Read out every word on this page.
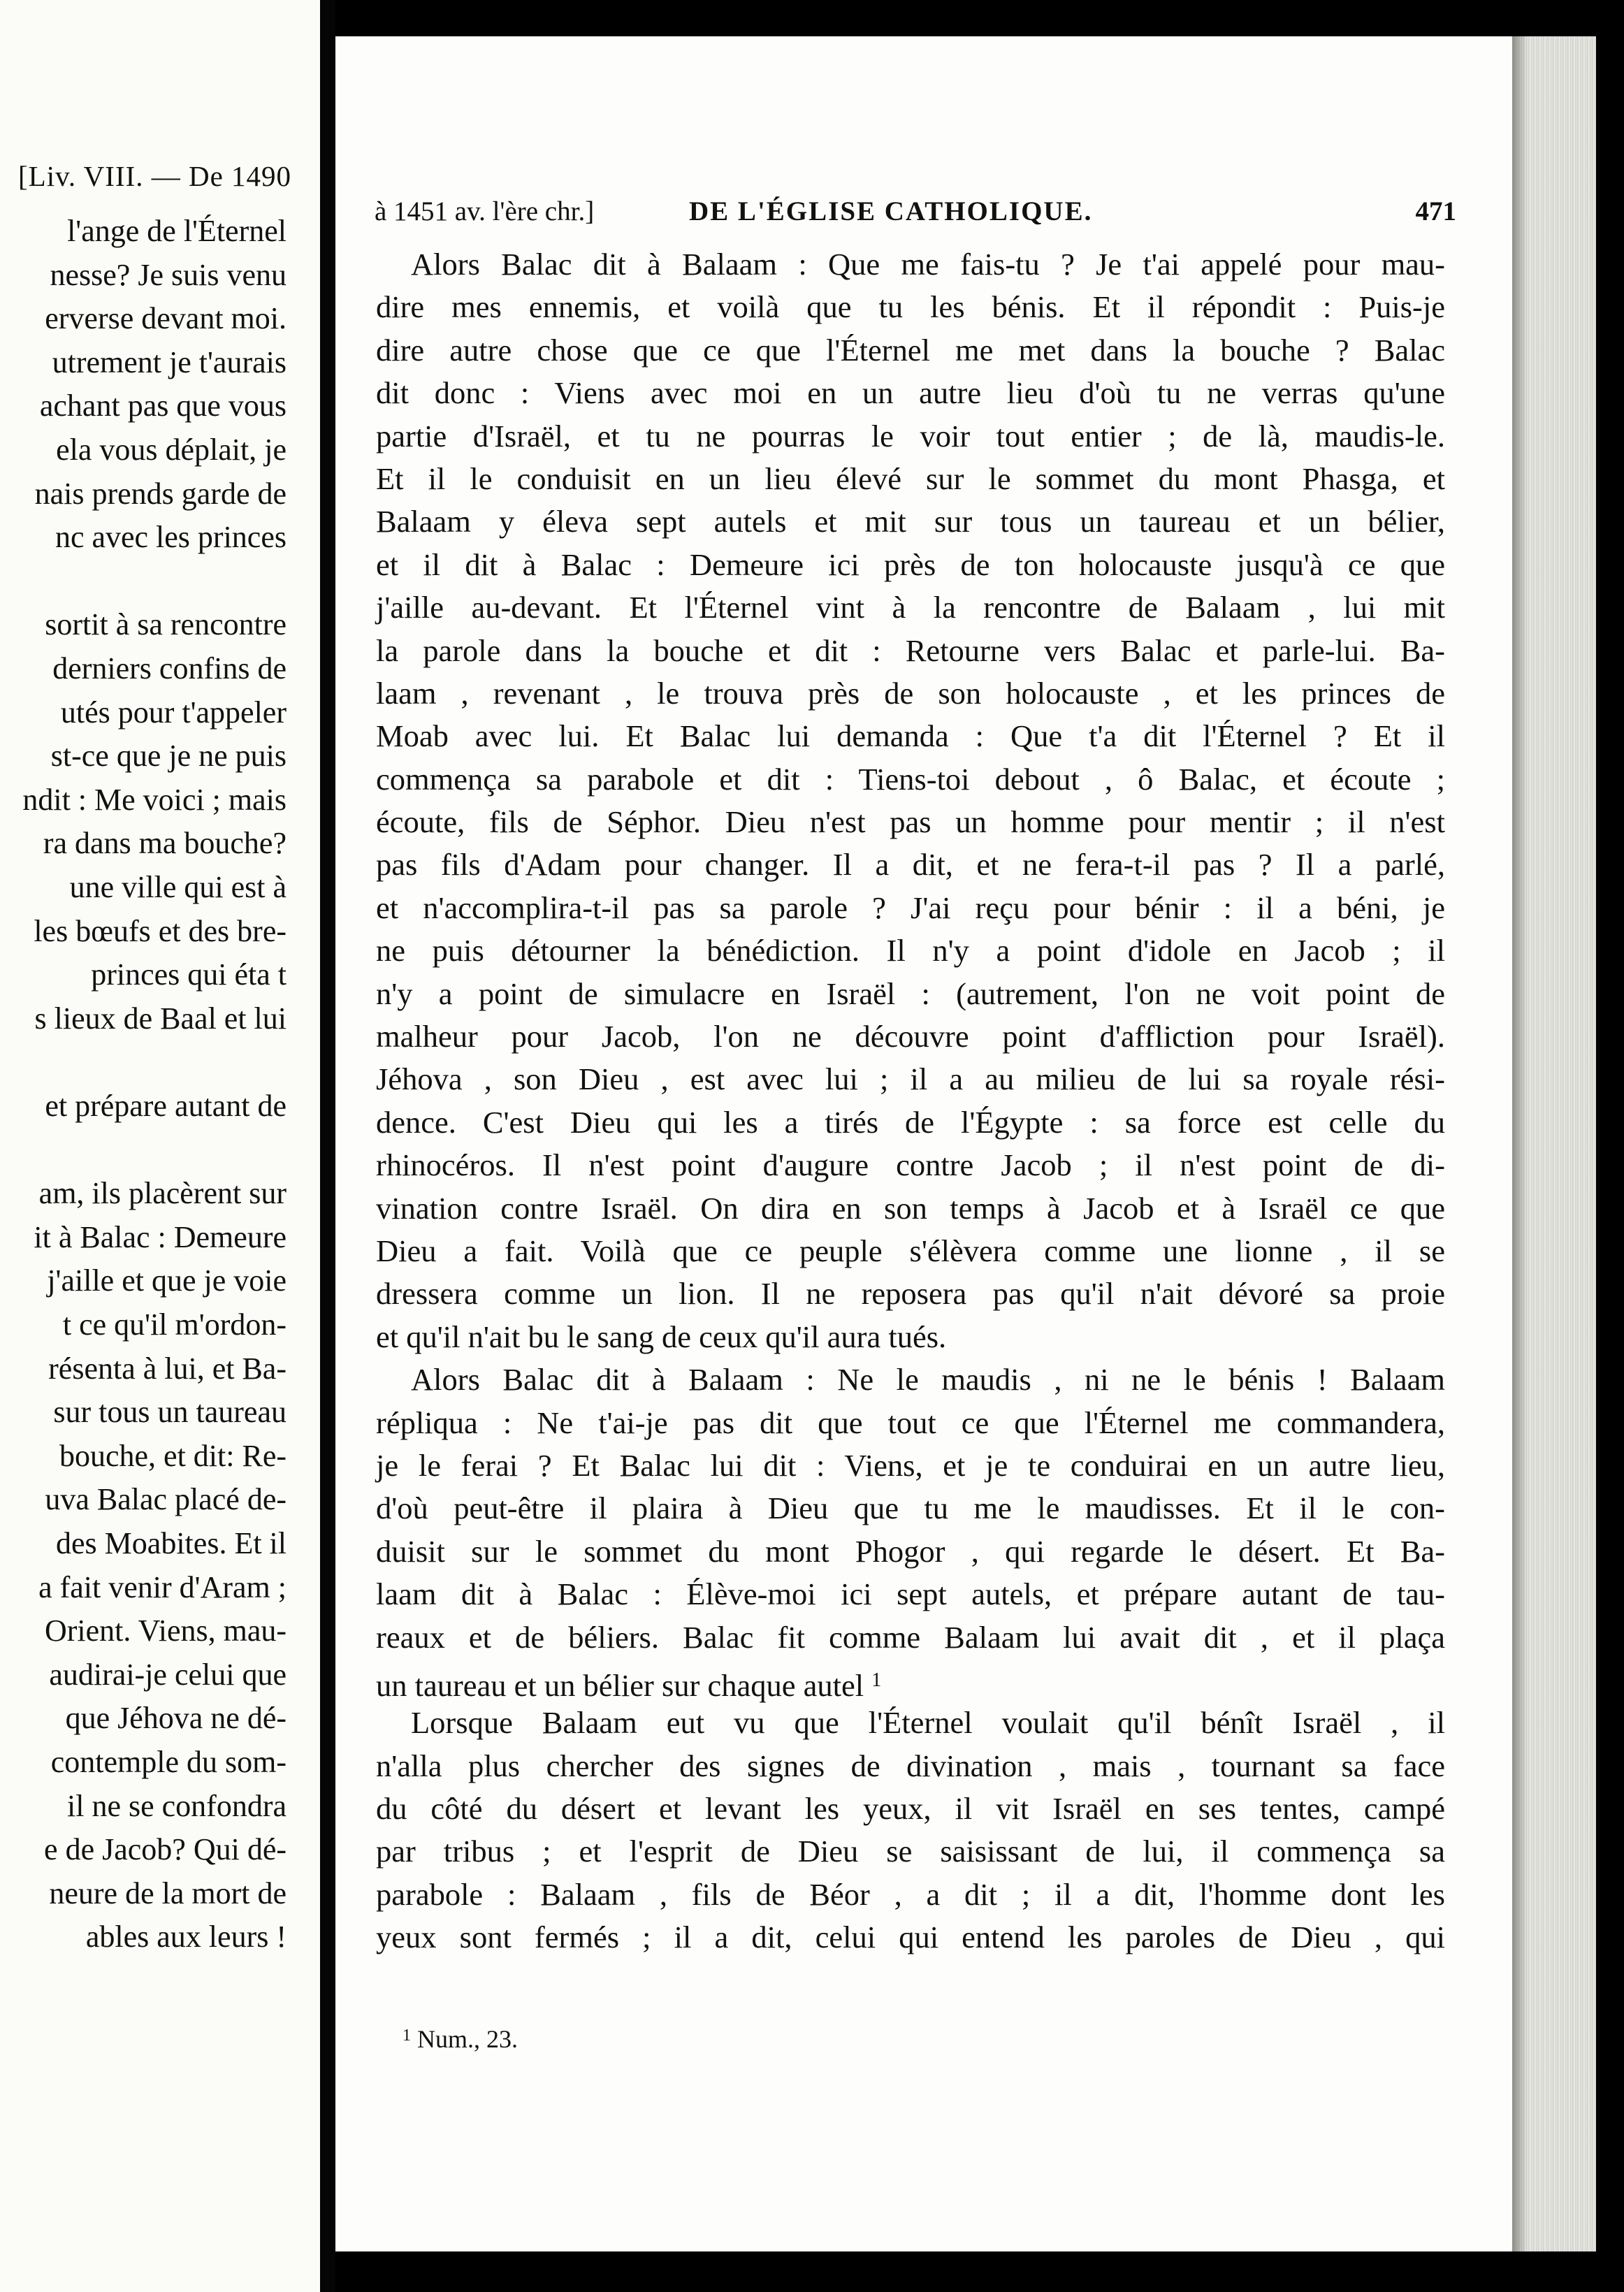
[Liv. VIII. — De 1490
l'ange de l'Éternel
nesse? Je suis venu
erverse devant moi.
utrement je t'aurais
achant pas que vous
ela vous déplait, je
nais prends garde de
nc avec les princes
sortit à sa rencontre
derniers confins de
utés pour t'appeler
st-ce que je ne puis
ndit : Me voici ; mais
ra dans ma bouche?
une ville qui est à
les bœufs et des bre-
princes qui éta t
s lieux de Baal et lui
et prépare autant de
am, ils placèrent sur
it à Balac : Demeure
j'aille et que je voie
t ce qu'il m'ordon-
résenta à lui, et Ba-
sur tous un taureau
bouche, et dit: Re-
uva Balac placé de-
des Moabites. Et il
a fait venir d'Aram ;
Orient. Viens, mau-
audirai-je celui que
que Jéhova ne dé-
contemple du som-
il ne se confondra
e de Jacob? Qui dé-
neure de la mort de
ables aux leurs !
à 1451 av. l'ère chr.]	DE L'ÉGLISE CATHOLIQUE.	471
Alors Balac dit à Balaam : Que me fais-tu ? Je t'ai appelé pour mau-
dire mes ennemis, et voilà que tu les bénis. Et il répondit : Puis-je
dire autre chose que ce que l'Éternel me met dans la bouche ? Balac
dit donc : Viens avec moi en un autre lieu d'où tu ne verras qu'une
partie d'Israël, et tu ne pourras le voir tout entier ; de là, maudis-le.
Et il le conduisit en un lieu élevé sur le sommet du mont Phasga, et
Balaam y éleva sept autels et mit sur tous un taureau et un bélier,
et il dit à Balac : Demeure ici près de ton holocauste jusqu'à ce que
j'aille au-devant. Et l'Éternel vint à la rencontre de Balaam , lui mit
la parole dans la bouche et dit : Retourne vers Balac et parle-lui. Ba-
laam , revenant , le trouva près de son holocauste , et les princes de
Moab avec lui. Et Balac lui demanda : Que t'a dit l'Éternel ? Et il
commença sa parabole et dit : Tiens-toi debout , ô Balac, et écoute ;
écoute, fils de Séphor. Dieu n'est pas un homme pour mentir ; il n'est
pas fils d'Adam pour changer. Il a dit, et ne fera-t-il pas ? Il a parlé,
et n'accomplira-t-il pas sa parole ? J'ai reçu pour bénir : il a béni, je
ne puis détourner la bénédiction. Il n'y a point d'idole en Jacob ; il
n'y a point de simulacre en Israël : (autrement, l'on ne voit point de
malheur pour Jacob, l'on ne découvre point d'affliction pour Israël).
Jéhova , son Dieu , est avec lui ; il a au milieu de lui sa royale rési-
dence. C'est Dieu qui les a tirés de l'Égypte : sa force est celle du
rhinocéros. Il n'est point d'augure contre Jacob ; il n'est point de di-
vination contre Israël. On dira en son temps à Jacob et à Israël ce que
Dieu a fait. Voilà que ce peuple s'élèvera comme une lionne , il se
dressera comme un lion. Il ne reposera pas qu'il n'ait dévoré sa proie
et qu'il n'ait bu le sang de ceux qu'il aura tués.
Alors Balac dit à Balaam : Ne le maudis , ni ne le bénis ! Balaam
répliqua : Ne t'ai-je pas dit que tout ce que l'Éternel me commandera,
je le ferai ? Et Balac lui dit : Viens, et je te conduirai en un autre lieu,
d'où peut-être il plaira à Dieu que tu me le maudisses. Et il le con-
duisit sur le sommet du mont Phogor , qui regarde le désert. Et Ba-
laam dit à Balac : Élève-moi ici sept autels, et prépare autant de tau-
reaux et de béliers. Balac fit comme Balaam lui avait dit , et il plaça
un taureau et un bélier sur chaque autel $^1$
Lorsque Balaam eut vu que l'Éternel voulait qu'il bénît Israël , il
n'alla plus chercher des signes de divination , mais , tournant sa face
du côté du désert et levant les yeux, il vit Israël en ses tentes, campé
par tribus ; et l'esprit de Dieu se saisissant de lui, il commença sa
parabole : Balaam , fils de Béor , a dit ; il a dit, l'homme dont les
yeux sont fermés ; il a dit, celui qui entend les paroles de Dieu , qui
$^1$ Num., 23.
